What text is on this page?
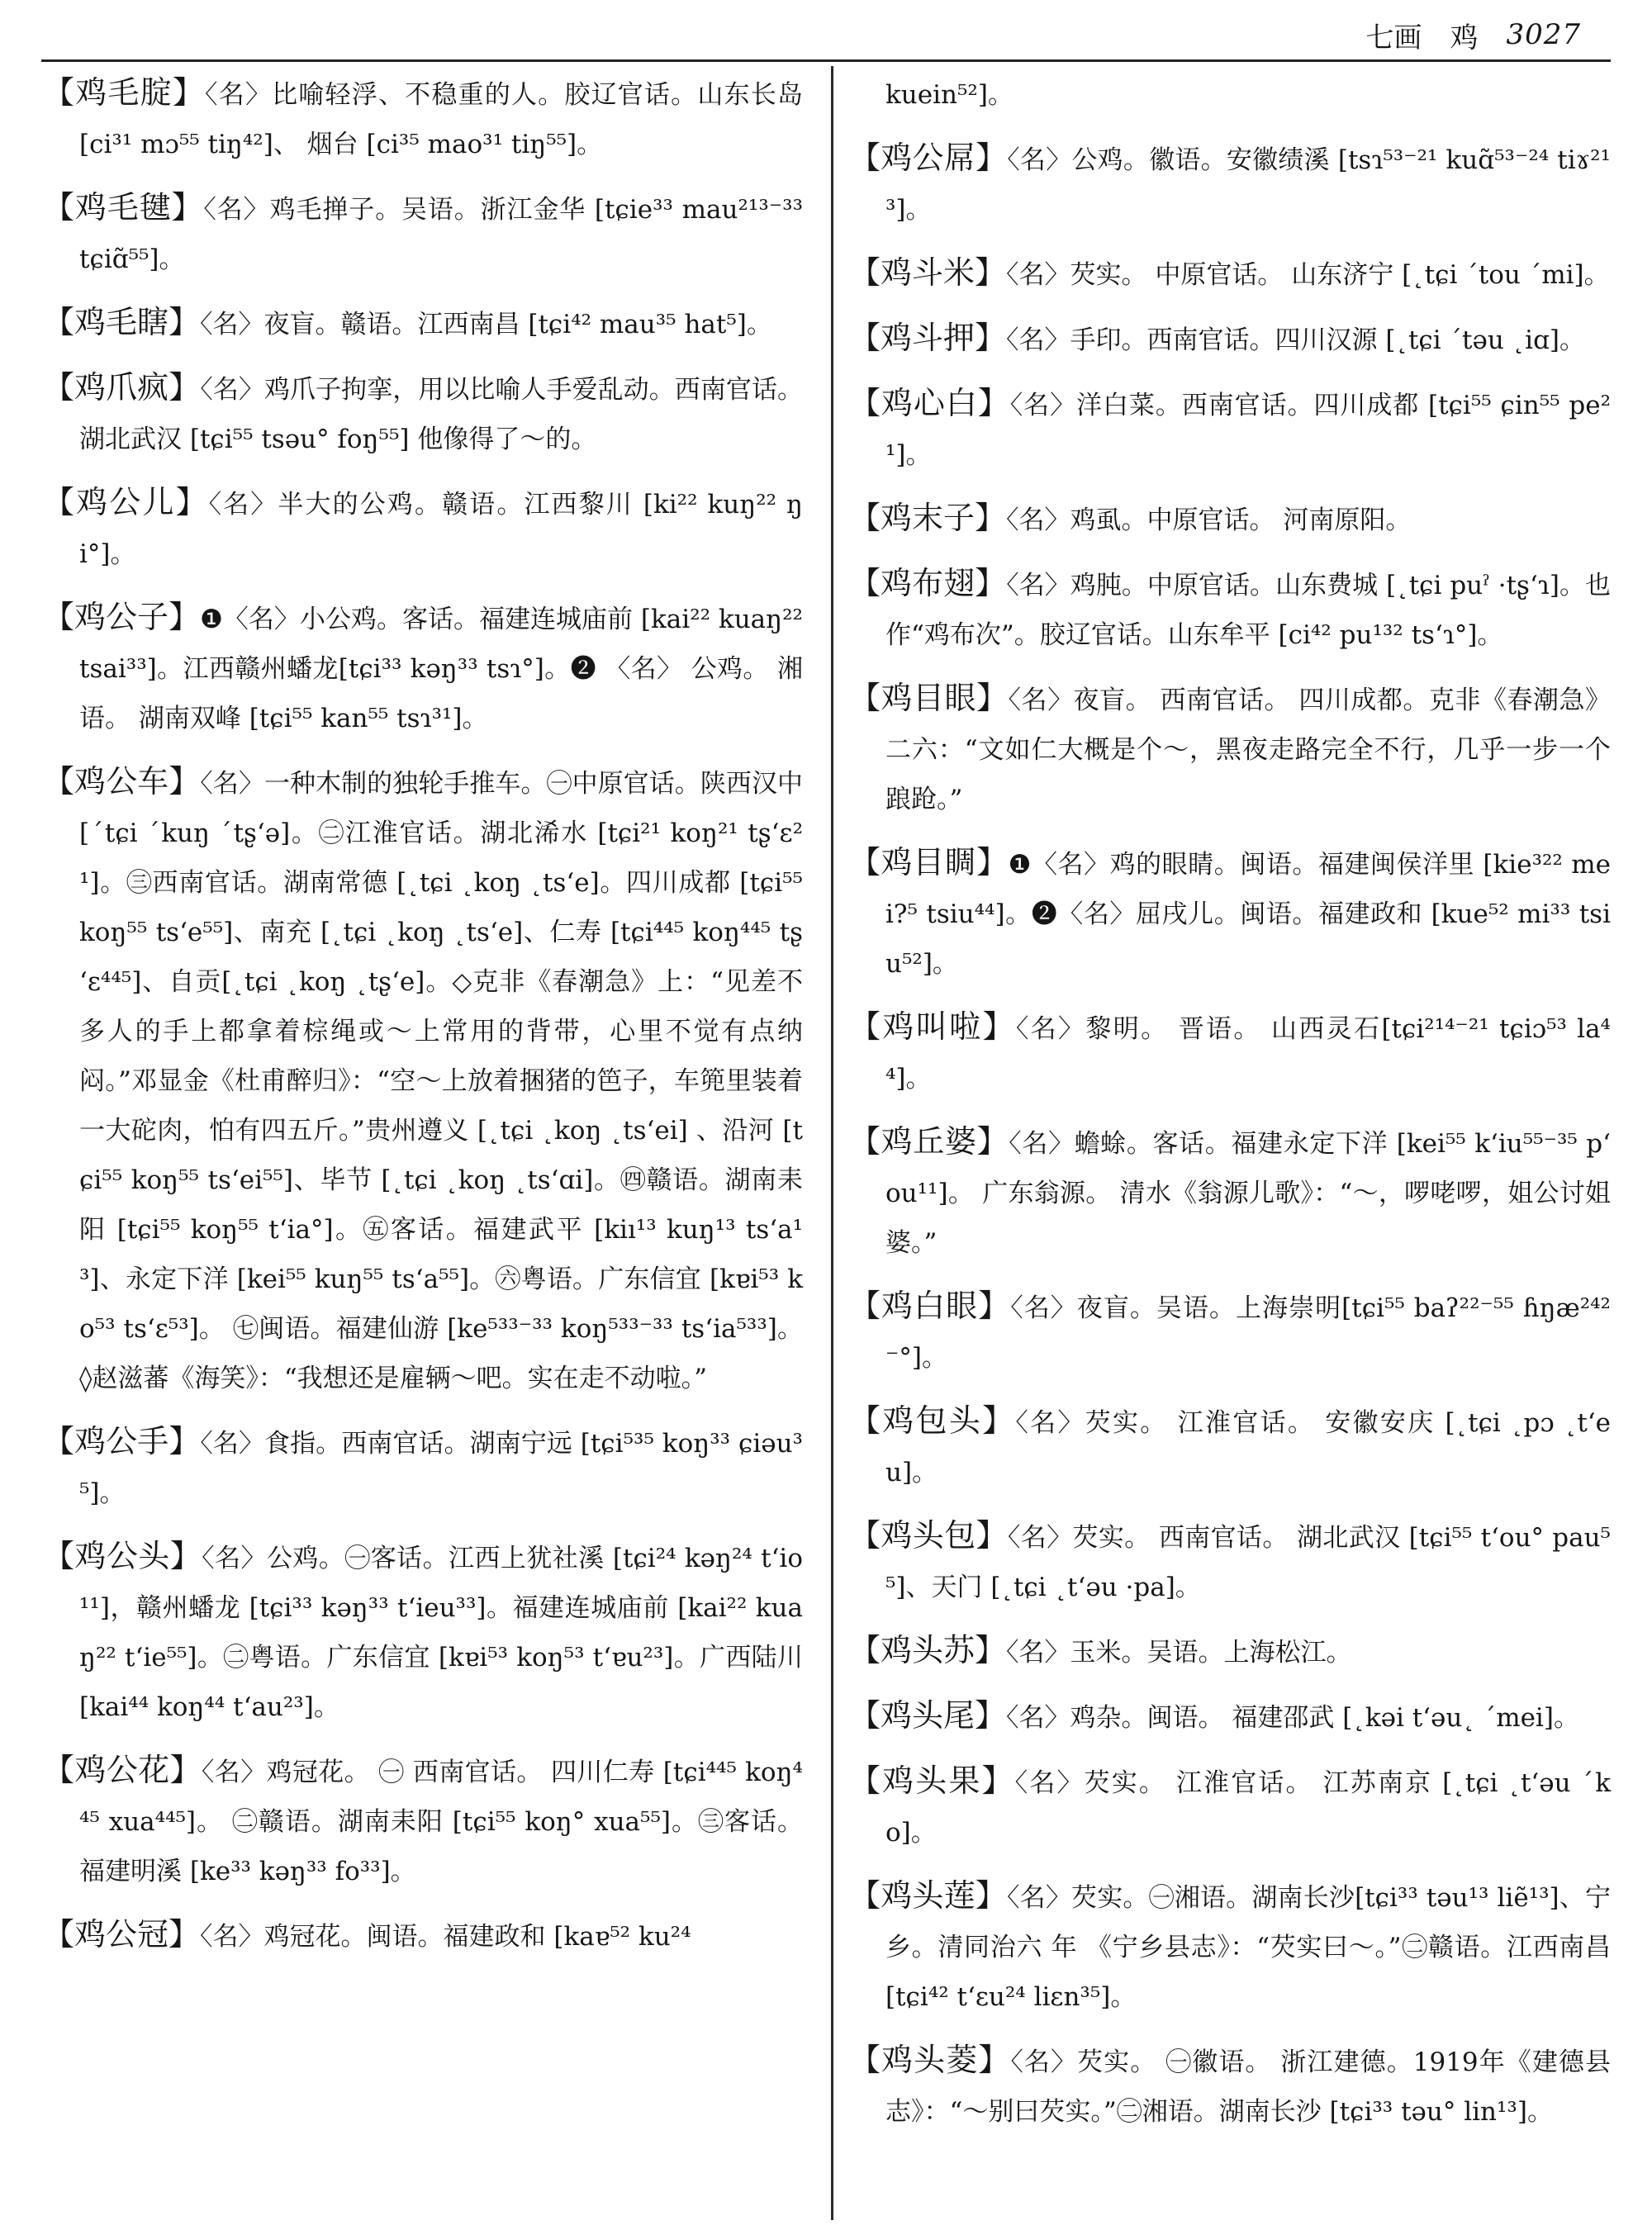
七画 鸡 3027

【鸡毛腚】〈名〉比喻轻浮、不稳重的人。胶辽官话。山东长岛 [ci³¹ mɔ⁵⁵ tiŋ⁴²]、 烟台 [ci³⁵ mao³¹ tiŋ⁵⁵]。

【鸡毛毽】〈名〉鸡毛掸子。吴语。浙江金华 [tɕie³³ mau²¹³⁻³³ tɕiɑ̃⁵⁵]。

【鸡毛瞎】〈名〉夜盲。赣语。江西南昌 [tɕi⁴² mau³⁵ hat⁵]。

【鸡爪疯】〈名〉鸡爪子拘挛，用以比喻人手爱乱动。西南官话。湖北武汉 [tɕi⁵⁵ tsəu° foŋ⁵⁵] 他像得了～的。

【鸡公儿】〈名〉半大的公鸡。赣语。江西黎川 [ki²² kuŋ²² ŋi°]。

【鸡公子】❶〈名〉小公鸡。客话。福建连城庙前 [kai²² kuaŋ²² tsai³³]。江西赣州蟠龙[tɕi³³ kəŋ³³ tsɿ°]。❷ 〈名〉 公鸡。 湘语。 湖南双峰 [tɕi⁵⁵ kan⁵⁵ tsɿ³¹]。

【鸡公车】〈名〉一种木制的独轮手推车。㊀中原官话。陕西汉中 [ˊtɕi ˊkuŋ ˊtʂʻə]。㊁江淮官话。湖北浠水 [tɕi²¹ koŋ²¹ tʂʻɛ²¹]。㊂西南官话。湖南常德 [˛tɕi ˛koŋ ˛tsʻe]。四川成都 [tɕi⁵⁵ koŋ⁵⁵ tsʻe⁵⁵]、南充 [˛tɕi ˛koŋ ˛tsʻe]、仁寿 [tɕi⁴⁴⁵ koŋ⁴⁴⁵ tʂʻɛ⁴⁴⁵]、自贡[˛tɕi ˛koŋ ˛tʂʻe]。◇克非《春潮急》上：“见差不多人的手上都拿着棕绳或～上常用的背带，心里不觉有点纳闷。”邓显金《杜甫醉归》：“空～上放着捆猪的笆子，车篼里装着一大砣肉，怕有四五斤。”贵州遵义 [˛tɕi ˛koŋ ˛tsʻei] 、沿河 [tɕi⁵⁵ koŋ⁵⁵ tsʻei⁵⁵]、毕节 [˛tɕi ˛koŋ ˛tsʻɑi]。㊃赣语。湖南耒阳 [tɕi⁵⁵ koŋ⁵⁵ tʻia°]。㊄客话。福建武平 [kiı¹³ kuŋ¹³ tsʻa¹³]、永定下洋 [kei⁵⁵ kuŋ⁵⁵ tsʻa⁵⁵]。㊅粤语。广东信宜 [kɐi⁵³ ko⁵³ tsʻɛ⁵³]。 ㊆闽语。福建仙游 [ke⁵³³⁻³³ koŋ⁵³³⁻³³ tsʻia⁵³³]。 ◊赵滋蕃《海笑》：“我想还是雇辆～吧。实在走不动啦。”

【鸡公手】〈名〉食指。西南官话。湖南宁远 [tɕi⁵³⁵ koŋ³³ ɕiəu³⁵]。

【鸡公头】〈名〉公鸡。㊀客话。江西上犹社溪 [tɕi²⁴ kəŋ²⁴ tʻio¹¹]，赣州蟠龙 [tɕi³³ kəŋ³³ tʻieu³³]。福建连城庙前 [kai²² kuaŋ²² tʻie⁵⁵]。㊁粤语。广东信宜 [kɐi⁵³ koŋ⁵³ tʻɐu²³]。广西陆川 [kai⁴⁴ koŋ⁴⁴ tʻau²³]。

【鸡公花】〈名〉鸡冠花。 ㊀ 西南官话。 四川仁寿 [tɕi⁴⁴⁵ koŋ⁴⁴⁵ xua⁴⁴⁵]。 ㊁赣语。湖南耒阳 [tɕi⁵⁵ koŋ° xua⁵⁵]。㊂客话。福建明溪 [ke³³ kəŋ³³ fo³³]。

【鸡公冠】〈名〉鸡冠花。闽语。福建政和 [kaɐ⁵² ku²⁴

kuein⁵²]。

【鸡公屌】〈名〉公鸡。徽语。安徽绩溪 [tsɿ⁵³⁻²¹ kuɑ̃⁵³⁻²⁴ tiɤ²¹³]。

【鸡斗米】〈名〉芡实。 中原官话。 山东济宁 [˛tɕi ˊtou ˊmi]。

【鸡斗押】〈名〉手印。西南官话。四川汉源 [˛tɕi ˊtəu ˛iɑ]。

【鸡心白】〈名〉洋白菜。西南官话。四川成都 [tɕi⁵⁵ ɕin⁵⁵ pe²¹]。

【鸡末子】〈名〉鸡虱。中原官话。 河南原阳。

【鸡布翅】〈名〉鸡肫。中原官话。山东费城 [˛tɕi puˀ ·tʂʻɿ]。也作“鸡布次”。胶辽官话。山东牟平 [ci⁴² pu¹³² tsʻɿ°]。

【鸡目眼】〈名〉夜盲。 西南官话。 四川成都。克非《春潮急》二六：“文如仁大概是个～，黑夜走路完全不行，几乎一步一个踉跄。”

【鸡目睭】❶〈名〉鸡的眼睛。闽语。福建闽侯洋里 [kie³²² mei?⁵ tsiu⁴⁴]。❷〈名〉屈戌儿。闽语。福建政和 [kue⁵² mi³³ tsiu⁵²]。

【鸡叫啦】〈名〉黎明。 晋语。 山西灵石[tɕi²¹⁴⁻²¹ tɕiɔ⁵³ la⁴⁴]。

【鸡丘婆】〈名〉蟾蜍。客话。福建永定下洋 [kei⁵⁵ kʻiu⁵⁵⁻³⁵ pʻou¹¹]。 广东翁源。 清水《翁源儿歌》：“～，啰咾啰，姐公讨姐婆。”

【鸡白眼】〈名〉夜盲。吴语。上海崇明[tɕi⁵⁵ baʔ²²⁻⁵⁵ ɦŋæ²⁴²⁻°]。

【鸡包头】〈名〉芡实。 江淮官话。 安徽安庆 [˛tɕi ˛pɔ ˛tʻeu]。

【鸡头包】〈名〉芡实。 西南官话。 湖北武汉 [tɕi⁵⁵ tʻou° pau⁵⁵]、天门 [˛tɕi ˛tʻəu ·pa]。

【鸡头苏】〈名〉玉米。吴语。上海松江。

【鸡头尾】〈名〉鸡杂。闽语。 福建邵武 [˛kəi tʻəu˛ ˊmei]。

【鸡头果】〈名〉芡实。 江淮官话。 江苏南京 [˛tɕi ˛tʻəu ˊko]。

【鸡头莲】〈名〉芡实。㊀湘语。湖南长沙[tɕi³³ təu¹³ liẽ¹³]、宁乡。清同治六 年 《宁乡县志》：“芡实曰～。”㊁赣语。江西南昌 [tɕi⁴² tʻɛu²⁴ liɛn³⁵]。

【鸡头菱】〈名〉芡实。 ㊀徽语。 浙江建德。1919年《建德县志》：“～别曰芡实。”㊁湘语。湖南长沙 [tɕi³³ təu° lin¹³]。
